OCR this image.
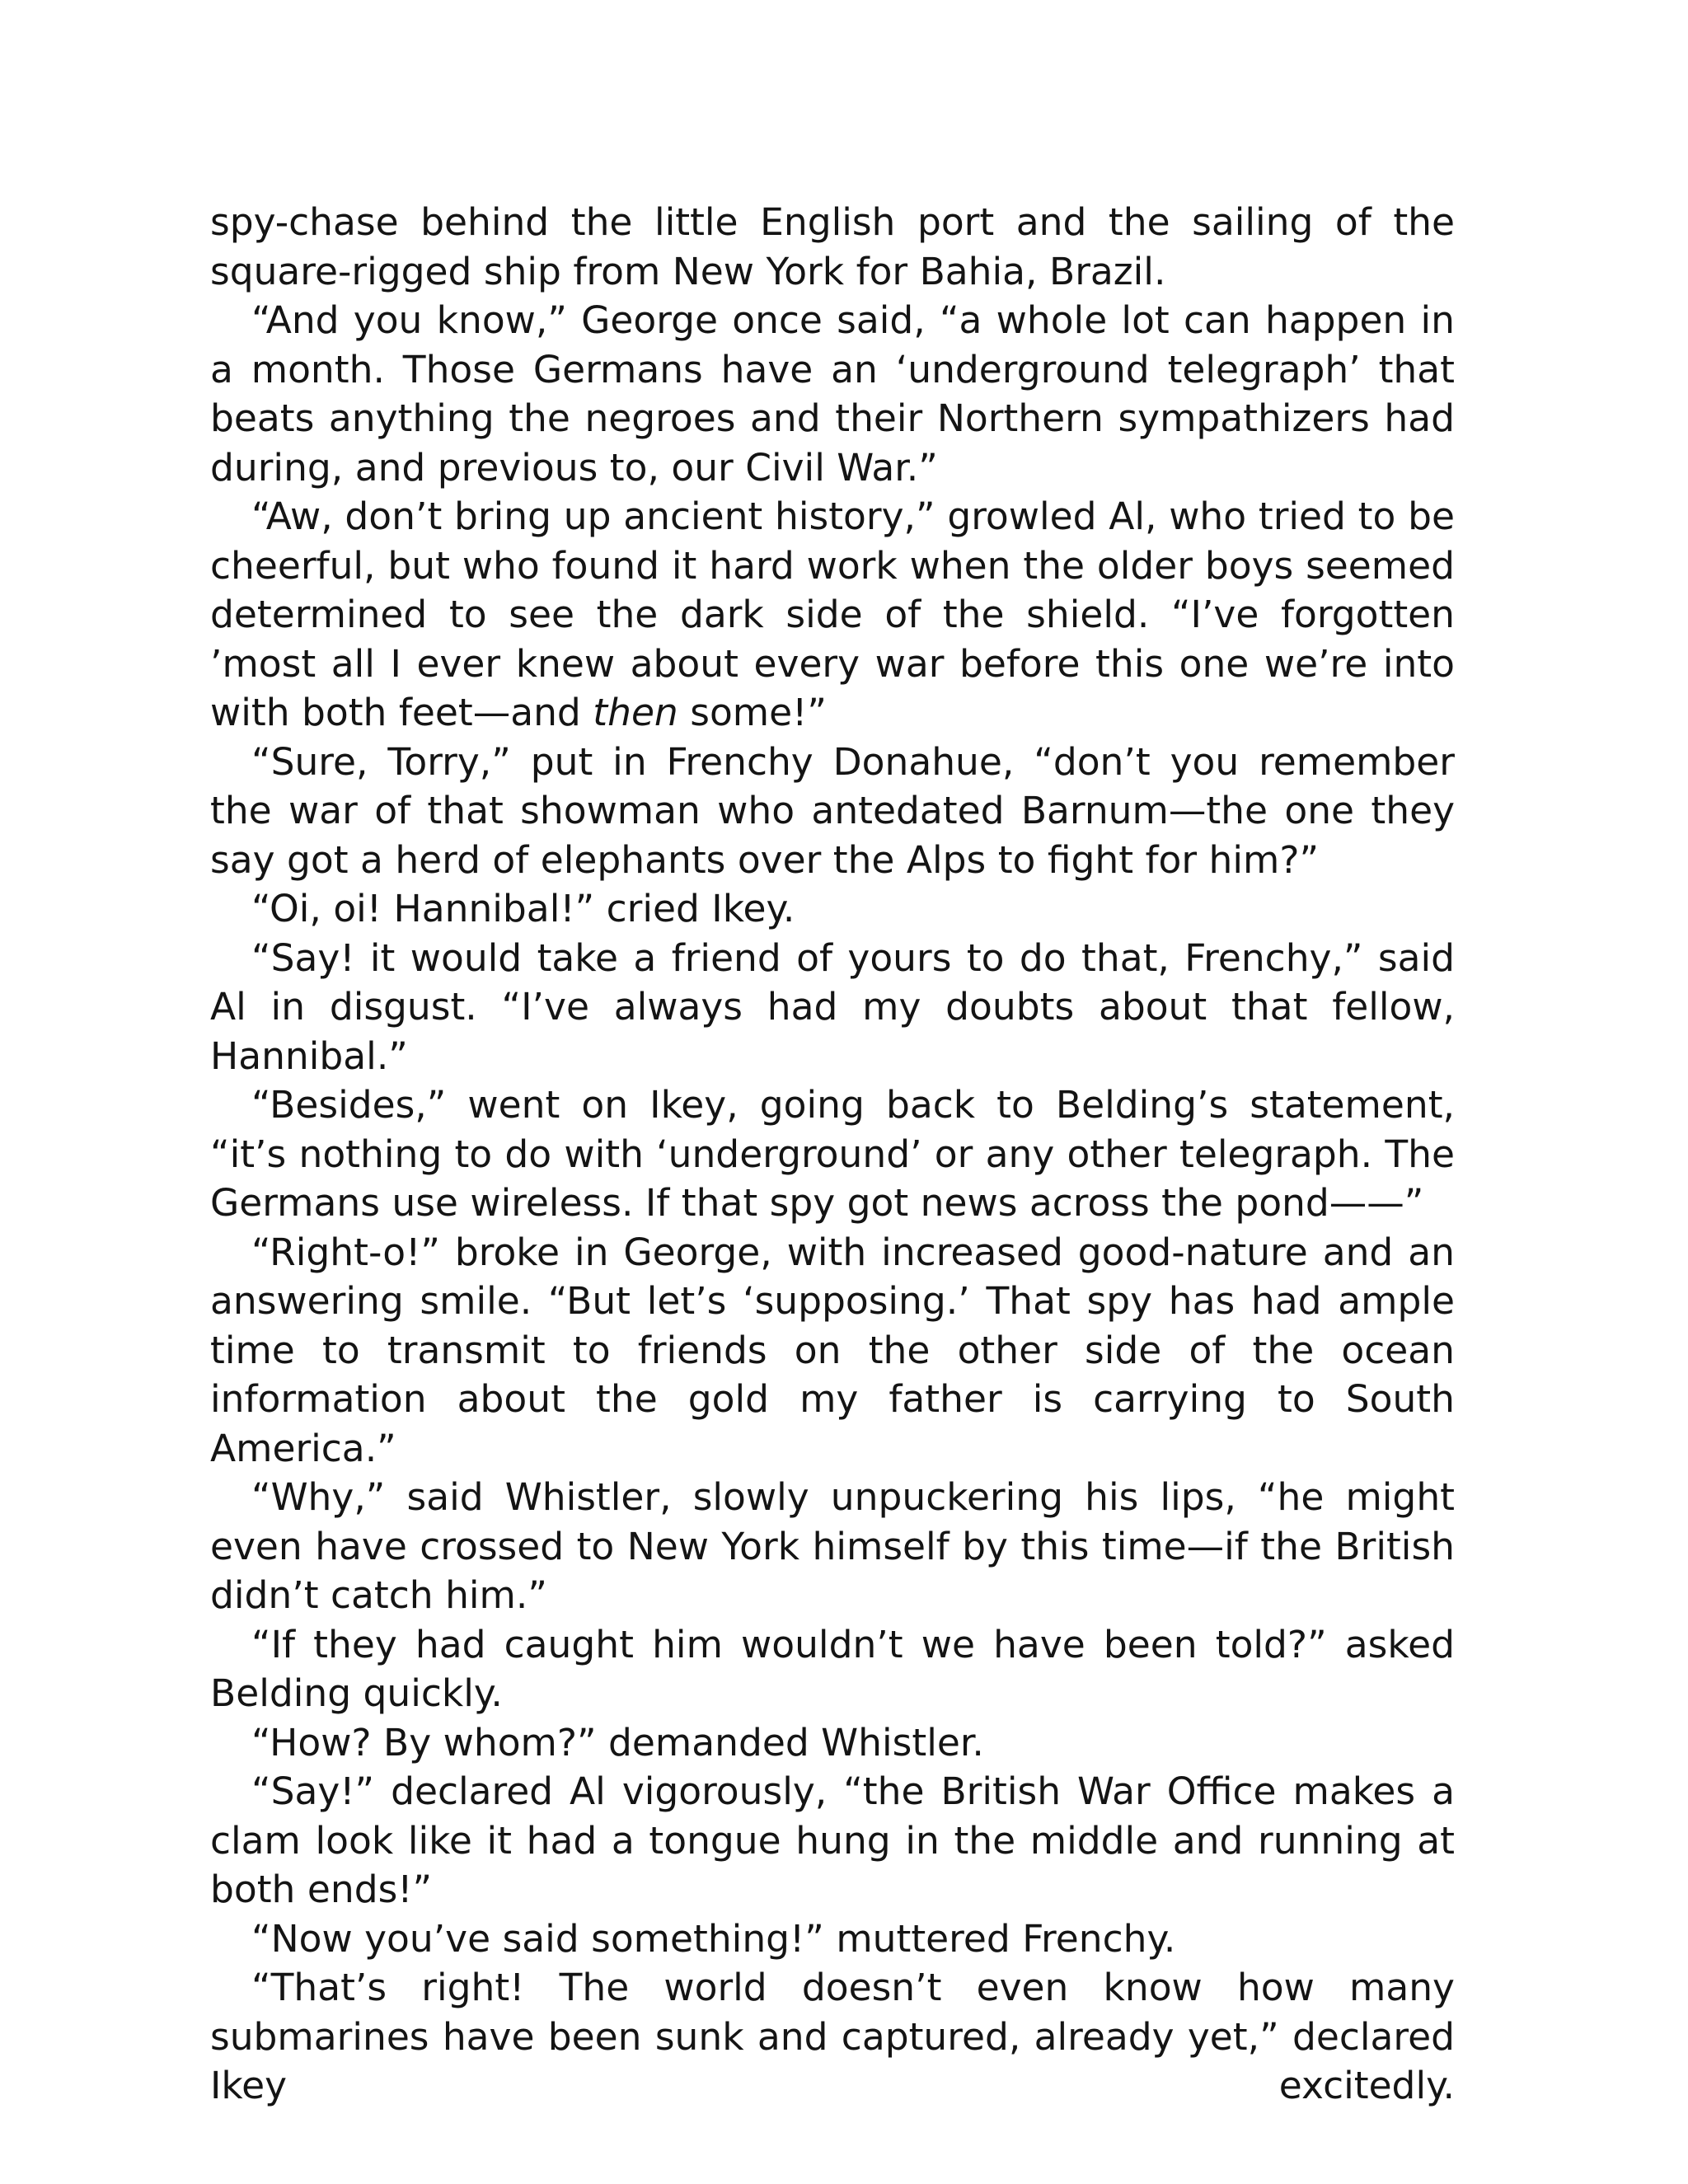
spy-chase behind the little English port and the sailing of the square-rigged ship from New York for Bahia, Brazil.

“And you know,” George once said, “a whole lot can happen in a month. Those Germans have an ‘underground telegraph’ that beats anything the negroes and their Northern sympathizers had during, and previous to, our Civil War.”

“Aw, don’t bring up ancient history,” growled Al, who tried to be cheerful, but who found it hard work when the older boys seemed determined to see the dark side of the shield. “I’ve forgotten ’most all I ever knew about every war before this one we’re into with both feet—and then some!”

“Sure, Torry,” put in Frenchy Donahue, “don’t you remember the war of that showman who antedated Barnum—the one they say got a herd of elephants over the Alps to fight for him?”

“Oi, oi! Hannibal!” cried Ikey.

“Say! it would take a friend of yours to do that, Frenchy,” said Al in disgust. “I’ve always had my doubts about that fellow, Hannibal.”

“Besides,” went on Ikey, going back to Belding’s statement, “it’s nothing to do with ‘underground’ or any other telegraph. The Germans use wireless. If that spy got news across the pond——”

“Right-o!” broke in George, with increased good-nature and an answering smile. “But let’s ‘supposing.’ That spy has had ample time to transmit to friends on the other side of the ocean information about the gold my father is carrying to South America.”

“Why,” said Whistler, slowly unpuckering his lips, “he might even have crossed to New York himself by this time—if the British didn’t catch him.”

“If they had caught him wouldn’t we have been told?” asked Belding quickly.

“How? By whom?” demanded Whistler.

“Say!” declared Al vigorously, “the British War Office makes a clam look like it had a tongue hung in the middle and running at both ends!”

“Now you’ve said something!” muttered Frenchy.

“That’s right! The world doesn’t even know how many submarines have been sunk and captured, already yet,” declared Ikey excitedly.
